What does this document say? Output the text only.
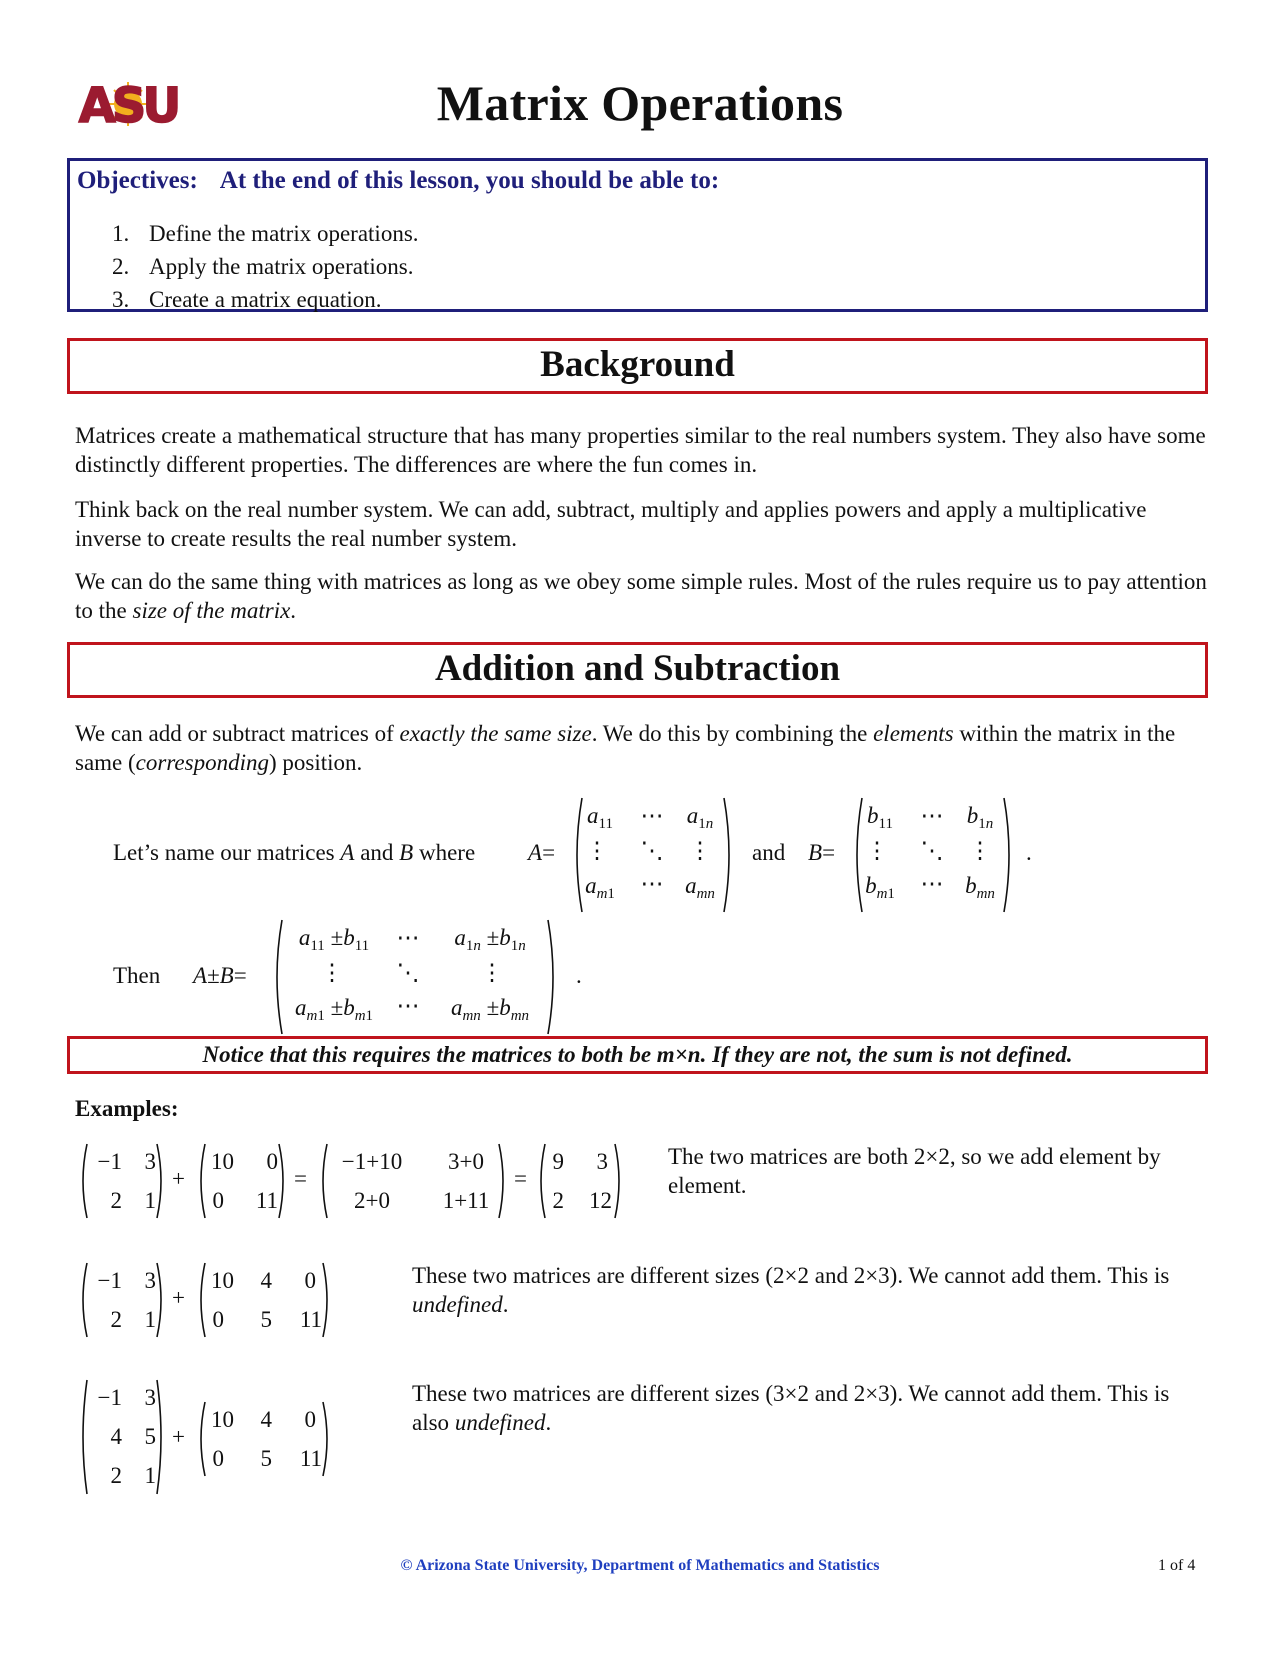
ASU	Matrix Operations
Objectives: At the end of this lesson, you should be able to:
1. Define the matrix operations.
2. Apply the matrix operations.
3. Create a matrix equation.
Background
Matrices create a mathematical structure that has many properties similar to the real numbers system. They also have some distinctly different properties. The differences are where the fun comes in.
Think back on the real number system. We can add, subtract, multiply and applies powers and apply a multiplicative inverse to create results the real number system.
We can do the same thing with matrices as long as we obey some simple rules. Most of the rules require us to pay attention to the size of the matrix.
Addition and Subtraction
We can add or subtract matrices of exactly the same size. We do this by combining the elements within the matrix in the same (corresponding) position.
Let’s name our matrices A and B where A=
$a_{11}$ ⋯ $a_{1n}$
⋮ ⋱ ⋮
$a_{m1}$ ⋯ $a_{mn}$
and B=
$b_{11}$ ⋯ $b_{1n}$
⋮ ⋱ ⋮
$b_{m1}$ ⋯ $b_{mn}$
.
Then A±B=
$a_{11} \pm b_{11}$ ⋯ $a_{1n} \pm b_{1n}$
⋮ ⋱	⋮
$a_{m1} \pm b_{m1}$ ⋯ $a_{mn} \pm b_{mn}$
.
Notice that this requires the matrices to both be m×n. If they are not, the sum is not defined.
Examples:
−1 3
2 1
+
10 0
0 11
=
−1+10 3+0
2+0 1+11
=
9 3
2 12
The two matrices are both 2×2, so we add element by element.
−1 3
2 1
+
10 4 0
0 5 11
These two matrices are different sizes (2×2 and 2×3). We cannot add them. This is undefined.
−1 3
4 5
2 1
+
10 4 0
0 5 11
These two matrices are different sizes (3×2 and 2×3). We cannot add them. This is also undefined.
© Arizona State University, Department of Mathematics and Statistics	1 of 4
